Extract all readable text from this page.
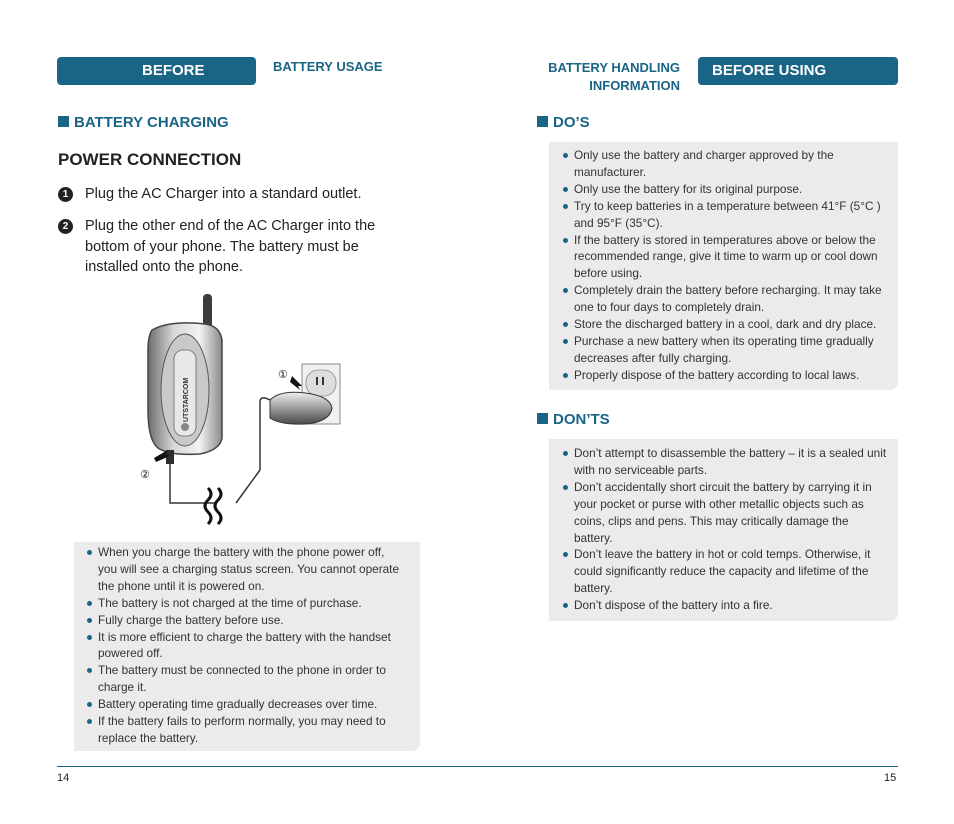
BEFORE USING
BATTERY USAGE
BATTERY CHARGING
POWER CONNECTION
1	Plug the AC Charger into a standard outlet.
2	Plug the other end of the AC Charger into the bottom of your phone. The battery must be installed onto the phone.
UTSTARCOM
①
②
When you charge the battery with the phone power off, you will see a charging status screen. You cannot operate the phone until it is powered on.
The battery is not charged at the time of purchase.
Fully charge the battery before use.
It is more efficient to charge the battery with the handset powered off.
The battery must be connected to the phone in order to charge it.
Battery operating time gradually decreases over time.
If the battery fails to perform normally, you may need to replace the battery.
14
BATTERY HANDLING
INFORMATION
BEFORE USING
DO’S
Only use the battery and charger approved by the manufacturer.
Only use the battery for its original purpose.
Try to keep batteries in a temperature between 41°F (5°C ) and 95°F (35°C).
If the battery is stored in temperatures above or below the recommended range, give it time to warm up or cool down before using.
Completely drain the battery before recharging. It may take one to four days to completely drain.
Store the discharged battery in a cool, dark and dry place.
Purchase a new battery when its operating time gradually decreases after fully charging.
Properly dispose of the battery according to local laws.
DON’TS
Don’t attempt to disassemble the battery – it is a sealed unit with no serviceable parts.
Don’t accidentally short circuit the battery by carrying it in your pocket or purse with other metallic objects such as coins, clips and pens. This may critically damage the battery.
Don’t leave the battery in hot or cold temps. Otherwise, it could significantly reduce the capacity and lifetime of the battery.
Don’t dispose of the battery into a fire.
15
